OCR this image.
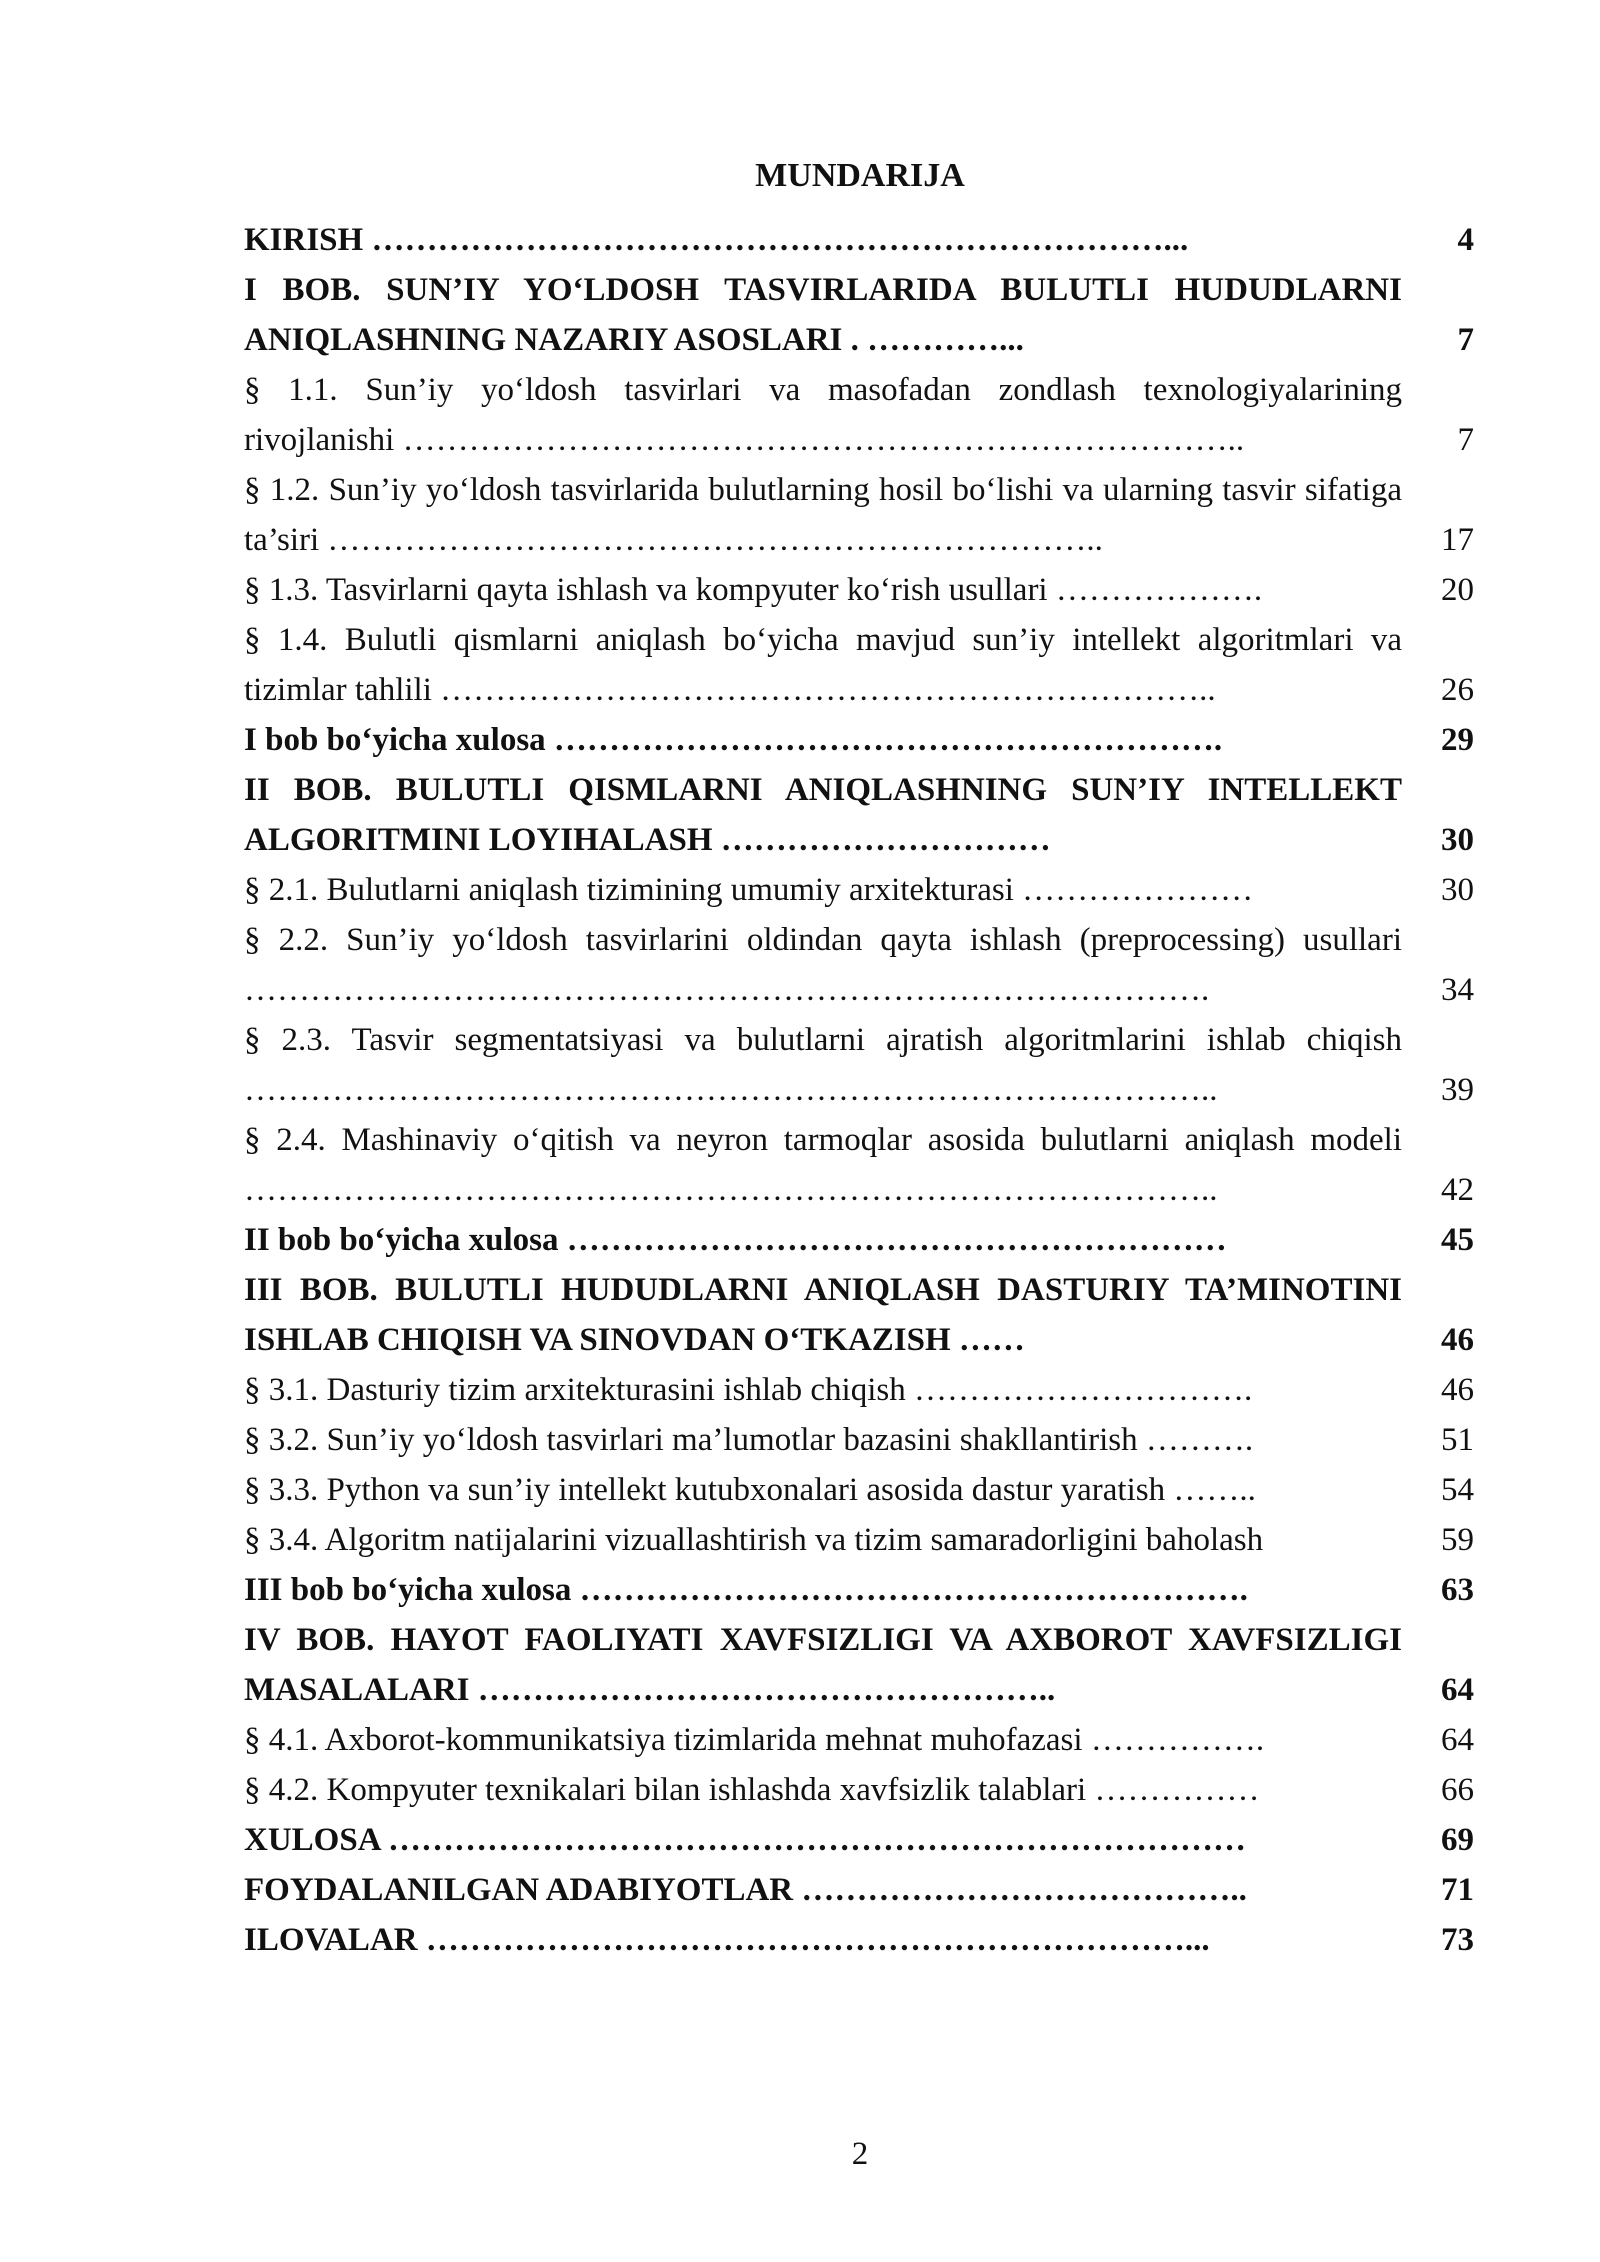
MUNDARIJA
KIRISH ………………………………………………………………...	4
I BOB. SUN’IY YO‘LDOSH TASVIRLARIDA BULUTLI HUDUDLARNI ANIQLASHNING NAZARIY ASOSLARI . …………...	7
§ 1.1. Sun’iy yo‘ldosh tasvirlari va masofadan zondlash texnologiyalarining rivojlanishi …………………………………………………………………..	7
§ 1.2. Sun’iy yo‘ldosh tasvirlarida bulutlarning hosil bo‘lishi va ularning tasvir sifatiga ta’siri ……………………………………………………………..	17
§ 1.3. Tasvirlarni qayta ishlash va kompyuter ko‘rish usullari ……………….	20
§ 1.4. Bulutli qismlarni aniqlash bo‘yicha mavjud sun’iy intellekt algoritmlari va tizimlar tahlili ……………………………………………………………..	26
I bob bo‘yicha xulosa …………………………………………………….	29
II BOB. BULUTLI QISMLARNI ANIQLASHNING SUN’IY INTELLEKT ALGORITMINI LOYIHALASH …………………………	30
§ 2.1. Bulutlarni aniqlash tizimining umumiy arxitekturasi …………………	30
§ 2.2. Sun’iy yo‘ldosh tasvirlarini oldindan qayta ishlash (preprocessing) usullari …………………………………………………………………………….	34
§ 2.3. Tasvir segmentatsiyasi va bulutlarni ajratish algoritmlarini ishlab chiqish ……………………………………………………………………………..	39
§ 2.4. Mashinaviy o‘qitish va neyron tarmoqlar asosida bulutlarni aniqlash modeli ……………………………………………………………………………..	42
II bob bo‘yicha xulosa ……………………………………………………	45
III BOB. BULUTLI HUDUDLARNI ANIQLASH DASTURIY TA’MINOTINI ISHLAB CHIQISH VA SINOVDAN O‘TKAZISH ……	46
§ 3.1. Dasturiy tizim arxitekturasini ishlab chiqish ………………………….	46
§ 3.2. Sun’iy yo‘ldosh tasvirlari ma’lumotlar bazasini shakllantirish ……….	51
§ 3.3. Python va sun’iy intellekt kutubxonalari asosida dastur yaratish ……..	54
§ 3.4. Algoritm natijalarini vizuallashtirish va tizim samaradorligini baholash	59
III bob bo‘yicha xulosa …………………………………………………….	63
IV BOB. HAYOT FAOLIYATI XAVFSIZLIGI VA AXBOROT XAVFSIZLIGI MASALALARI ……………………………………………..	64
§ 4.1. Axborot-kommunikatsiya tizimlarida mehnat muhofazasi …………….	64
§ 4.2. Kompyuter texnikalari bilan ishlashda xavfsizlik talablari ……………	66
XULOSA ……………………………………………………………………	69
FOYDALANILGAN ADABIYOTLAR …………………………………..	71
ILOVALAR ……………………………………………………………...	73
2
